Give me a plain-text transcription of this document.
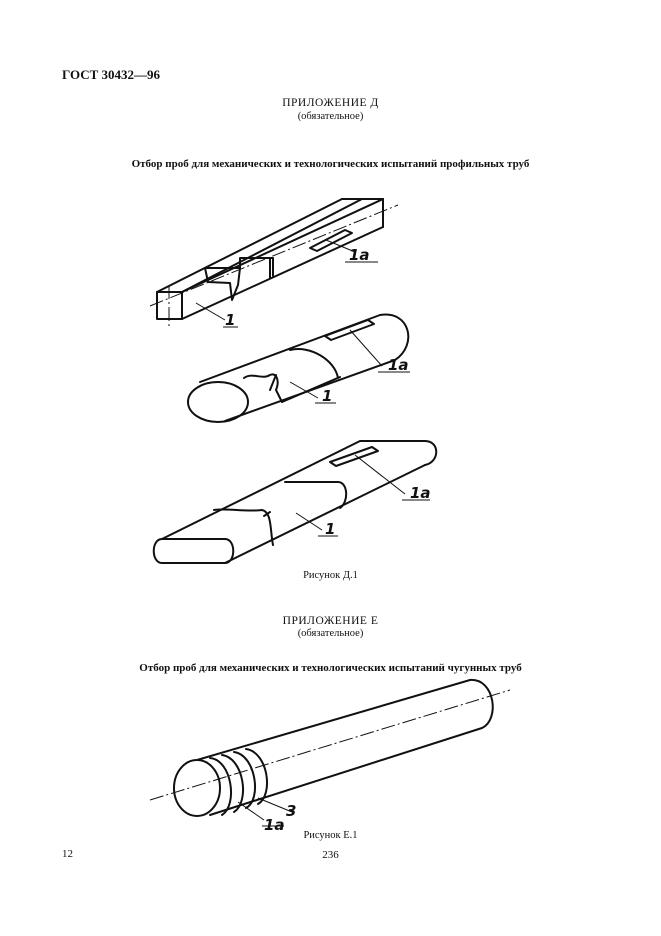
ГОСТ 30432—96
ПРИЛОЖЕНИЕ Д
(обязательное)
Отбор проб для механических и технологических испытаний профильных труб
1а
1
1а
1
1а
1
1а
3
Рисунок Д.1
ПРИЛОЖЕНИЕ Е
(обязательное)
Отбор проб для механических и технологических испытаний чугунных труб
Рисунок Е.1
12	236
